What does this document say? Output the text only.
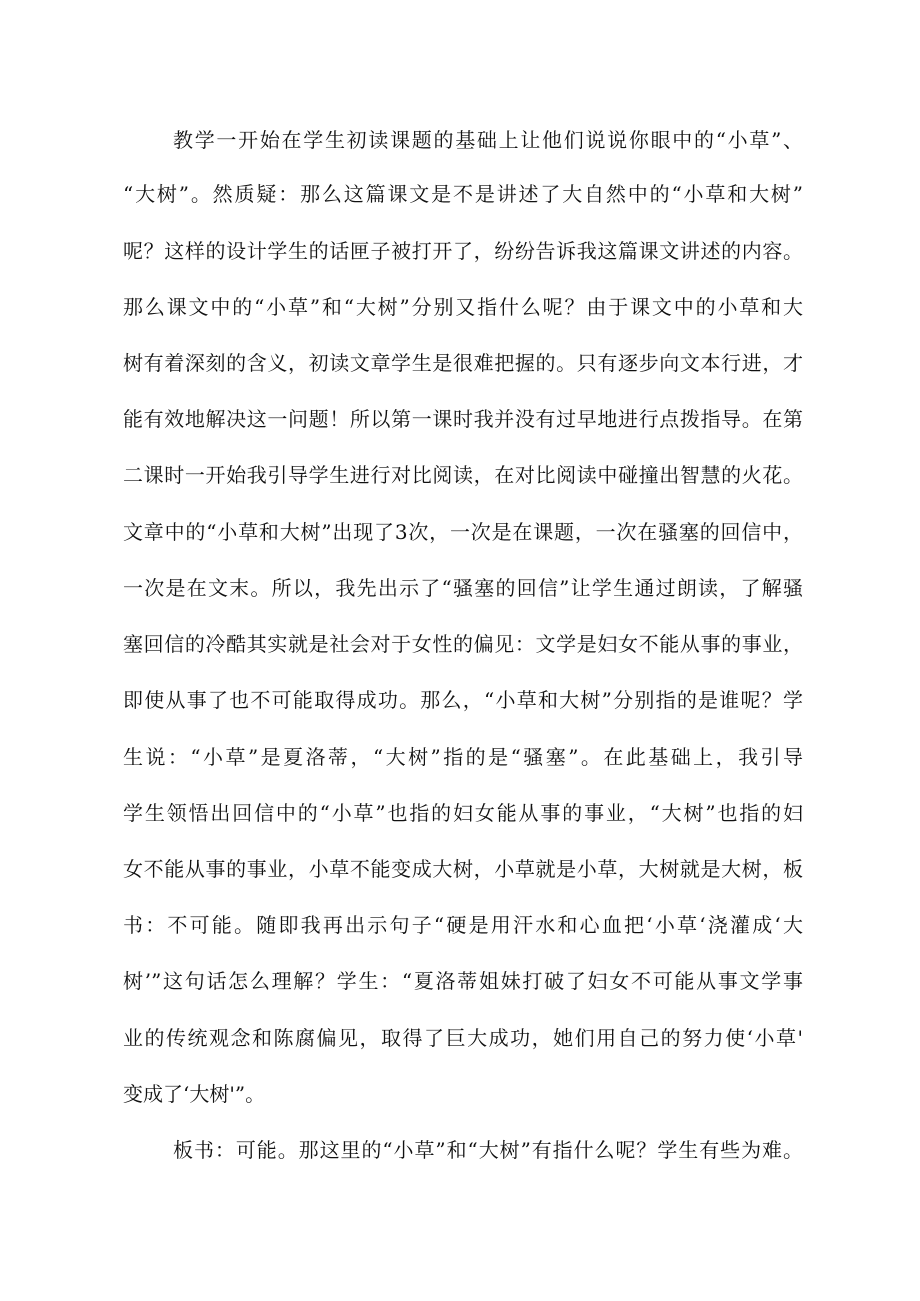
教学一开始在学生初读课题的基础上让他们说说你眼中的“小草”、
“大树”。然质疑：那么这篇课文是不是讲述了大自然中的“小草和大树”
呢？这样的设计学生的话匣子被打开了，纷纷告诉我这篇课文讲述的内容。
那么课文中的“小草”和“大树”分别又指什么呢？由于课文中的小草和大
树有着深刻的含义，初读文章学生是很难把握的。只有逐步向文本行进，才
能有效地解决这一问题！所以第一课时我并没有过早地进行点拨指导。在第
二课时一开始我引导学生进行对比阅读，在对比阅读中碰撞出智慧的火花。
文章中的“小草和大树”出现了3次，一次是在课题，一次在骚塞的回信中，
一次是在文末。所以，我先出示了“骚塞的回信”让学生通过朗读，了解骚
塞回信的冷酷其实就是社会对于女性的偏见：文学是妇女不能从事的事业，
即使从事了也不可能取得成功。那么，“小草和大树”分别指的是谁呢？学
生说：“小草”是夏洛蒂，“大树”指的是“骚塞”。在此基础上，我引导
学生领悟出回信中的“小草”也指的妇女能从事的事业，“大树”也指的妇
女不能从事的事业，小草不能变成大树，小草就是小草，大树就是大树，板
书：不可能。随即我再出示句子“硬是用汗水和心血把‘小草‘浇灌成‘大
树’”这句话怎么理解？学生：“夏洛蒂姐妹打破了妇女不可能从事文学事
业的传统观念和陈腐偏见，取得了巨大成功，她们用自己的努力使‘小草'
变成了‘大树'”。
板书：可能。那这里的“小草”和“大树”有指什么呢？学生有些为难。
